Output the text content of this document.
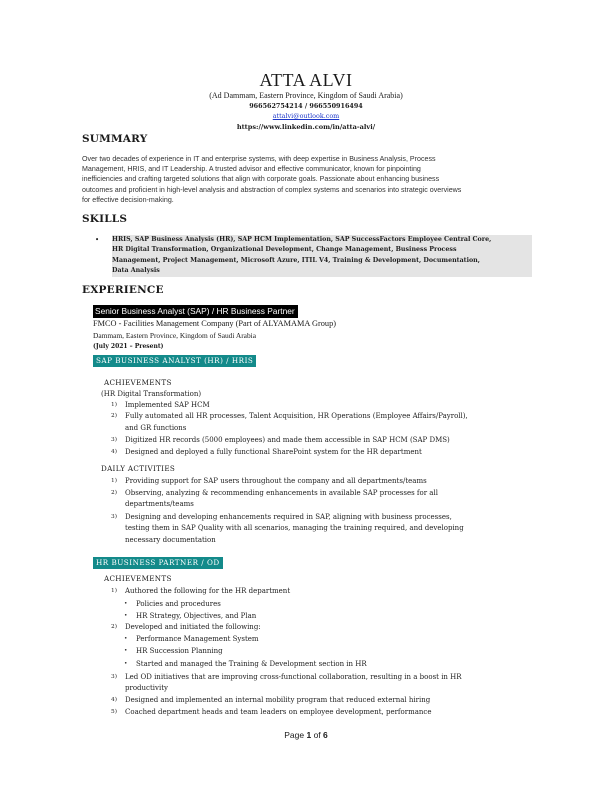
ATTA ALVI
(Ad Dammam, Eastern Province, Kingdom of Saudi Arabia)
966562754214 / 966550916494
attalvi@outlook.com
https://www.linkedin.com/in/atta-alvi/
SUMMARY
Over two decades of experience in IT and enterprise systems, with deep expertise in Business Analysis, Process
Management, HRIS, and IT Leadership. A trusted advisor and effective communicator, known for pinpointing
inefficiencies and crafting targeted solutions that align with corporate goals. Passionate about enhancing business
outcomes and proficient in high-level analysis and abstraction of complex systems and scenarios into strategic overviews
for effective decision-making.
SKILLS
• HRIS, SAP Business Analysis (HR), SAP HCM Implementation, SAP SuccessFactors Employee Central Core,
HR Digital Transformation, Organizational Development, Change Management, Business Process
Management, Project Management, Microsoft Azure, ITIL V4, Training & Development, Documentation,
Data Analysis
EXPERIENCE
Senior Business Analyst (SAP) / HR Business Partner
FMCO - Facilities Management Company (Part of ALYAMAMA Group)
Dammam, Eastern Province, Kingdom of Saudi Arabia
(July 2021 – Present)
SAP BUSINESS ANALYST (HR) / HRIS
ACHIEVEMENTS
(HR Digital Transformation)
1) Implemented SAP HCM
2) Fully automated all HR processes, Talent Acquisition, HR Operations (Employee Affairs/Payroll),
and GR functions
3) Digitized HR records (5000 employees) and made them accessible in SAP HCM (SAP DMS)
4) Designed and deployed a fully functional SharePoint system for the HR department
DAILY ACTIVITIES
1) Providing support for SAP users throughout the company and all departments/teams
2) Observing, analyzing & recommending enhancements in available SAP processes for all
departments/teams
3) Designing and developing enhancements required in SAP, aligning with business processes,
testing them in SAP Quality with all scenarios, managing the training required, and developing
necessary documentation
HR BUSINESS PARTNER / OD
ACHIEVEMENTS
1) Authored the following for the HR department
• Policies and procedures
• HR Strategy, Objectives, and Plan
2) Developed and initiated the following:
• Performance Management System
• HR Succession Planning
• Started and managed the Training & Development section in HR
3) Led OD initiatives that are improving cross-functional collaboration, resulting in a boost in HR
productivity
4) Designed and implemented an internal mobility program that reduced external hiring
5) Coached department heads and team leaders on employee development, performance
Page 1 of 6
